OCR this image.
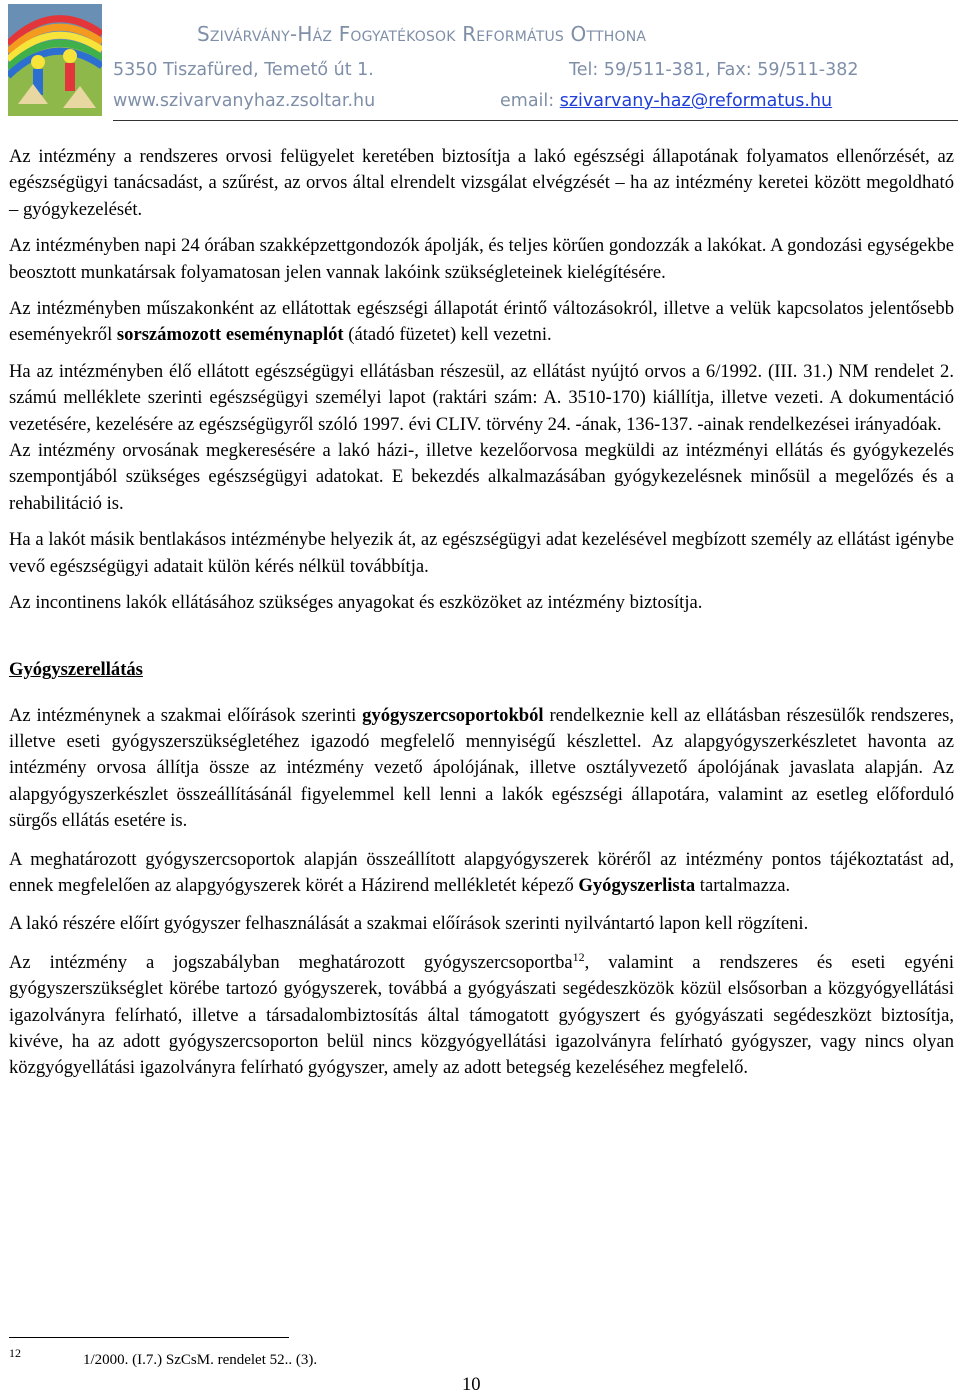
Szivárvány-Ház Fogyatékosok Református Otthona
5350 Tiszafüred, Temető út 1.	Tel: 59/511-381, Fax: 59/511-382
www.szivarvanyhaz.zsoltar.hu	email: szivarvany-haz@reformatus.hu

Az intézmény a rendszeres orvosi felügyelet keretében biztosítja a lakó egészségi állapotának folyamatos ellenőrzését, az egészségügyi tanácsadást, a szűrést, az orvos által elrendelt vizsgálat elvégzését – ha az intézmény keretei között megoldható – gyógykezelését.

Az intézményben napi 24 órában szakképzettgondozók ápolják, és teljes körűen gondozzák a lakókat. A gondozási egységekbe beosztott munkatársak folyamatosan jelen vannak lakóink szükségleteinek kielégítésére.

Az intézményben műszakonként az ellátottak egészségi állapotát érintő változásokról, illetve a velük kapcsolatos jelentősebb eseményekről sorszámozott eseménynaplót (átadó füzetet) kell vezetni.

Ha az intézményben élő ellátott egészségügyi ellátásban részesül, az ellátást nyújtó orvos a 6/1992. (III. 31.) NM rendelet 2. számú melléklete szerinti egészségügyi személyi lapot (raktári szám: A. 3510-170) kiállítja, illetve vezeti. A dokumentáció vezetésére, kezelésére az egészségügyről szóló 1997. évi CLIV. törvény 24. -ának, 136-137. -ainak rendelkezései irányadóak.

Az intézmény orvosának megkeresésére a lakó házi-, illetve kezelőorvosa megküldi az intézményi ellátás és gyógykezelés szempontjából szükséges egészségügyi adatokat. E bekezdés alkalmazásában gyógykezelésnek minősül a megelőzés és a rehabilitáció is.

Ha a lakót másik bentlakásos intézménybe helyezik át, az egészségügyi adat kezelésével megbízott személy az ellátást igénybe vevő egészségügyi adatait külön kérés nélkül továbbítja.

Az incontinens lakók ellátásához szükséges anyagokat és eszközöket az intézmény biztosítja.

Gyógyszerellátás

Az intézménynek a szakmai előírások szerinti gyógyszercsoportokból rendelkeznie kell az ellátásban részesülők rendszeres, illetve eseti gyógyszerszükségletéhez igazodó megfelelő mennyiségű készlettel. Az alapgyógyszerkészletet havonta az intézmény orvosa állítja össze az intézmény vezető ápolójának, illetve osztályvezető ápolójának javaslata alapján. Az alapgyógyszerkészlet összeállításánál figyelemmel kell lenni a lakók egészségi állapotára, valamint az esetleg előforduló sürgős ellátás esetére is.

A meghatározott gyógyszercsoportok alapján összeállított alapgyógyszerek köréről az intézmény pontos tájékoztatást ad, ennek megfelelően az alapgyógyszerek körét a Házirend mellékletét képező Gyógyszerlista tartalmazza.

A lakó részére előírt gyógyszer felhasználását a szakmai előírások szerinti nyilvántartó lapon kell rögzíteni.

Az intézmény a jogszabályban meghatározott gyógyszercsoportba$^{12}$, valamint a rendszeres és eseti egyéni gyógyszerszükséglet körébe tartozó gyógyszerek, továbbá a gyógyászati segédeszközök közül elsősorban a közgyógyellátási igazolványra felírható, illetve a társadalombiztosítás által támogatott gyógyszert és gyógyászati segédeszközt biztosítja, kivéve, ha az adott gyógyszercsoporton belül nincs közgyógyellátási igazolványra felírható gyógyszer, vagy nincs olyan közgyógyellátási igazolványra felírható gyógyszer, amely az adott betegség kezeléséhez megfelelő.

12	1/2000. (I.7.) SzCsM. rendelet 52.. (3).
10
